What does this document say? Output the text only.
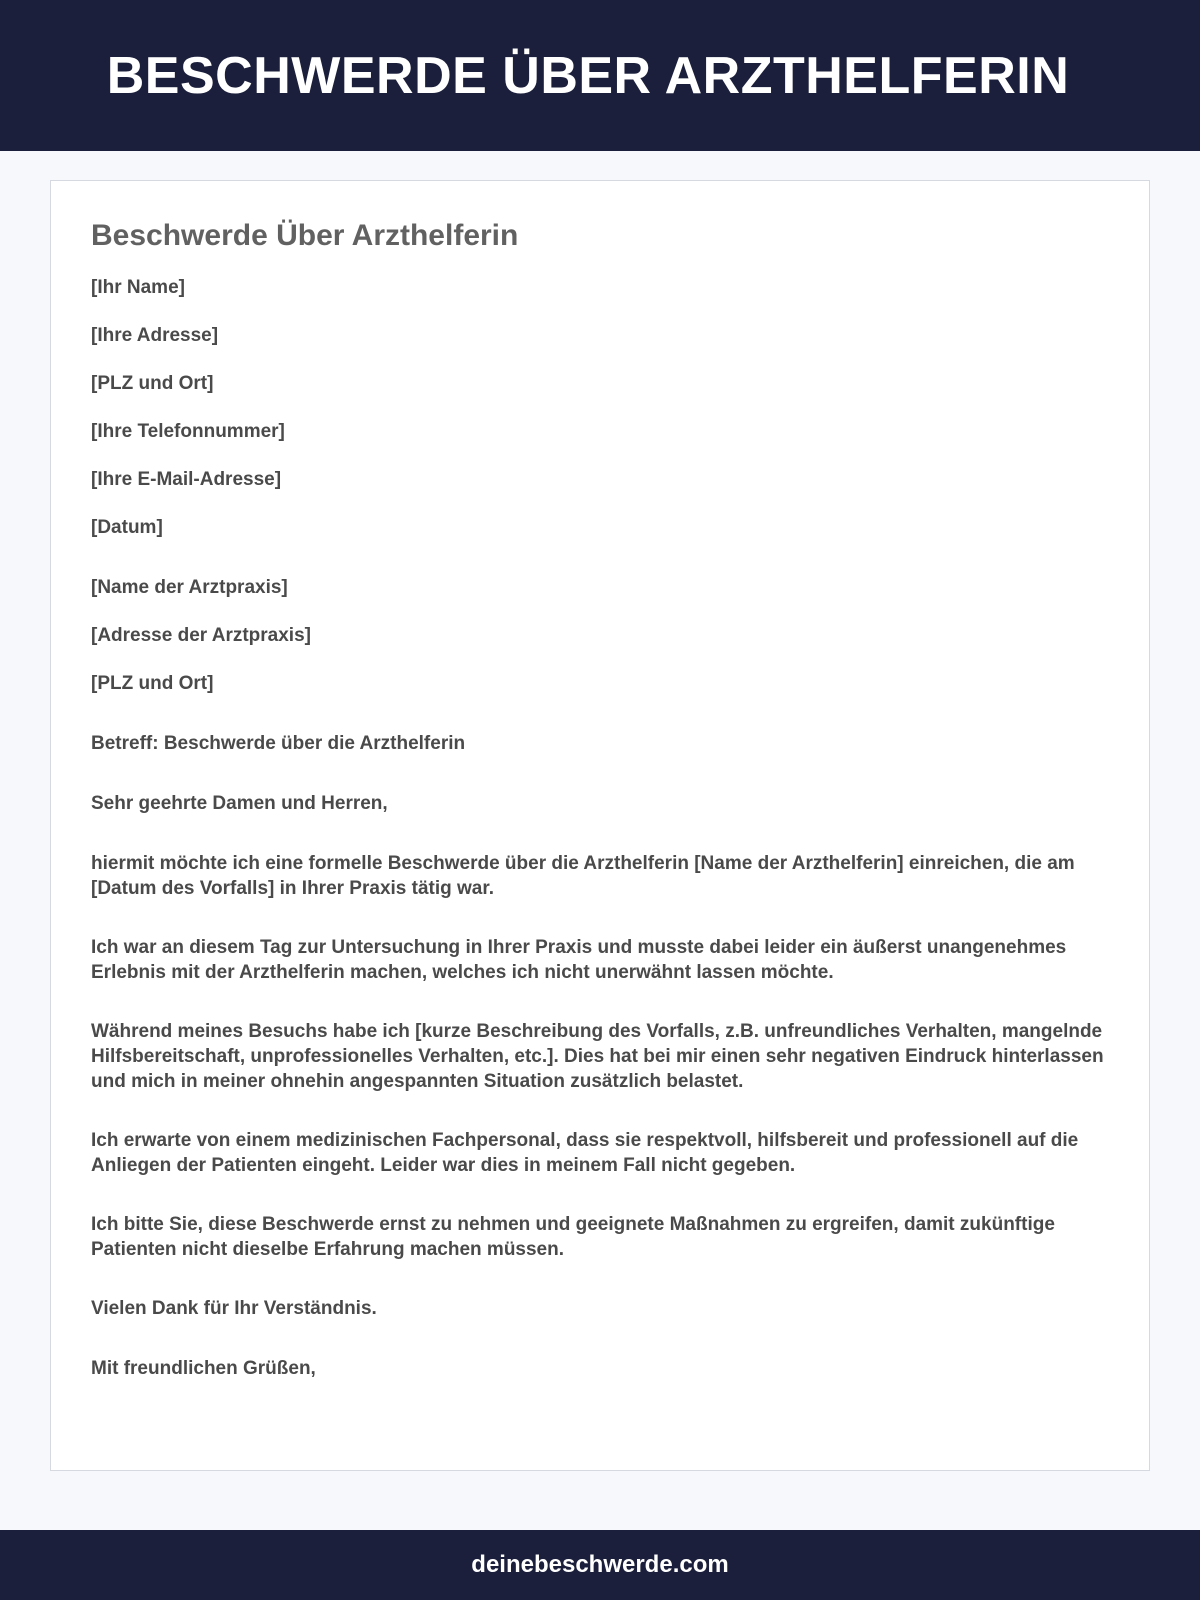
BESCHWERDE ÜBER ARZTHELFERIN
Beschwerde Über Arzthelferin
[Ihr Name]
[Ihre Adresse]
[PLZ und Ort]
[Ihre Telefonnummer]
[Ihre E-Mail-Adresse]
[Datum]
[Name der Arztpraxis]
[Adresse der Arztpraxis]
[PLZ und Ort]
Betreff: Beschwerde über die Arzthelferin
Sehr geehrte Damen und Herren,
hiermit möchte ich eine formelle Beschwerde über die Arzthelferin [Name der Arzthelferin] einreichen, die am [Datum des Vorfalls] in Ihrer Praxis tätig war.
Ich war an diesem Tag zur Untersuchung in Ihrer Praxis und musste dabei leider ein äußerst unangenehmes Erlebnis mit der Arzthelferin machen, welches ich nicht unerwähnt lassen möchte.
Während meines Besuchs habe ich [kurze Beschreibung des Vorfalls, z.B. unfreundliches Verhalten, mangelnde Hilfsbereitschaft, unprofessionelles Verhalten, etc.]. Dies hat bei mir einen sehr negativen Eindruck hinterlassen und mich in meiner ohnehin angespannten Situation zusätzlich belastet.
Ich erwarte von einem medizinischen Fachpersonal, dass sie respektvoll, hilfsbereit und professionell auf die Anliegen der Patienten eingeht. Leider war dies in meinem Fall nicht gegeben.
Ich bitte Sie, diese Beschwerde ernst zu nehmen und geeignete Maßnahmen zu ergreifen, damit zukünftige Patienten nicht dieselbe Erfahrung machen müssen.
Vielen Dank für Ihr Verständnis.
Mit freundlichen Grüßen,
deinebeschwerde.com
